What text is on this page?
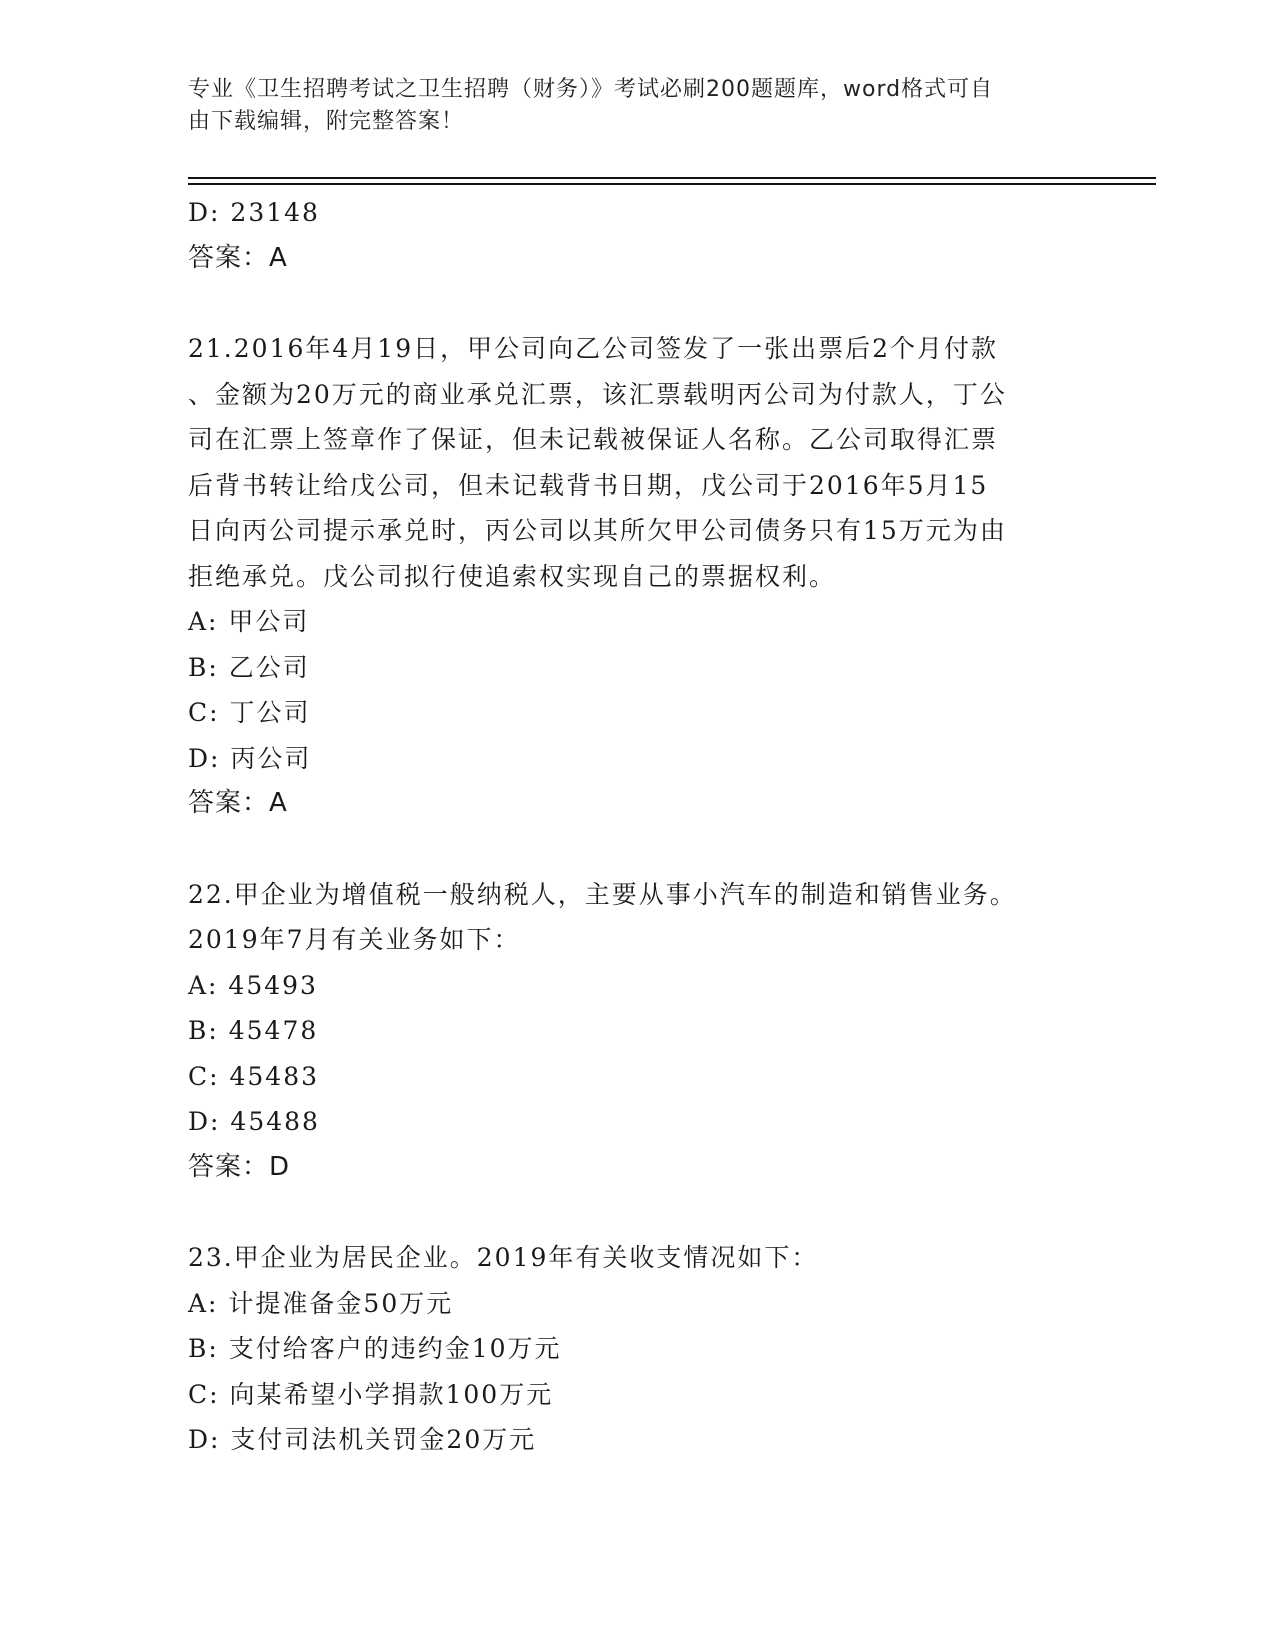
专业《卫生招聘考试之卫生招聘（财务）》考试必刷200题题库，word格式可自
由下载编辑，附完整答案！
D: 23148
答案：A
21.2016年4月19日，甲公司向乙公司签发了一张出票后2个月付款
、金额为20万元的商业承兑汇票，该汇票载明丙公司为付款人，丁公
司在汇票上签章作了保证，但未记载被保证人名称。乙公司取得汇票
后背书转让给戊公司，但未记载背书日期，戊公司于2016年5月15
日向丙公司提示承兑时，丙公司以其所欠甲公司债务只有15万元为由
拒绝承兑。戊公司拟行使追索权实现自己的票据权利。
A: 甲公司
B: 乙公司
C: 丁公司
D: 丙公司
答案：A
22.甲企业为增值税一般纳税人，主要从事小汽车的制造和销售业务。
2019年7月有关业务如下：
A: 45493
B: 45478
C: 45483
D: 45488
答案：D
23.甲企业为居民企业。2019年有关收支情况如下：
A: 计提准备金50万元
B: 支付给客户的违约金10万元
C: 向某希望小学捐款100万元
D: 支付司法机关罚金20万元
